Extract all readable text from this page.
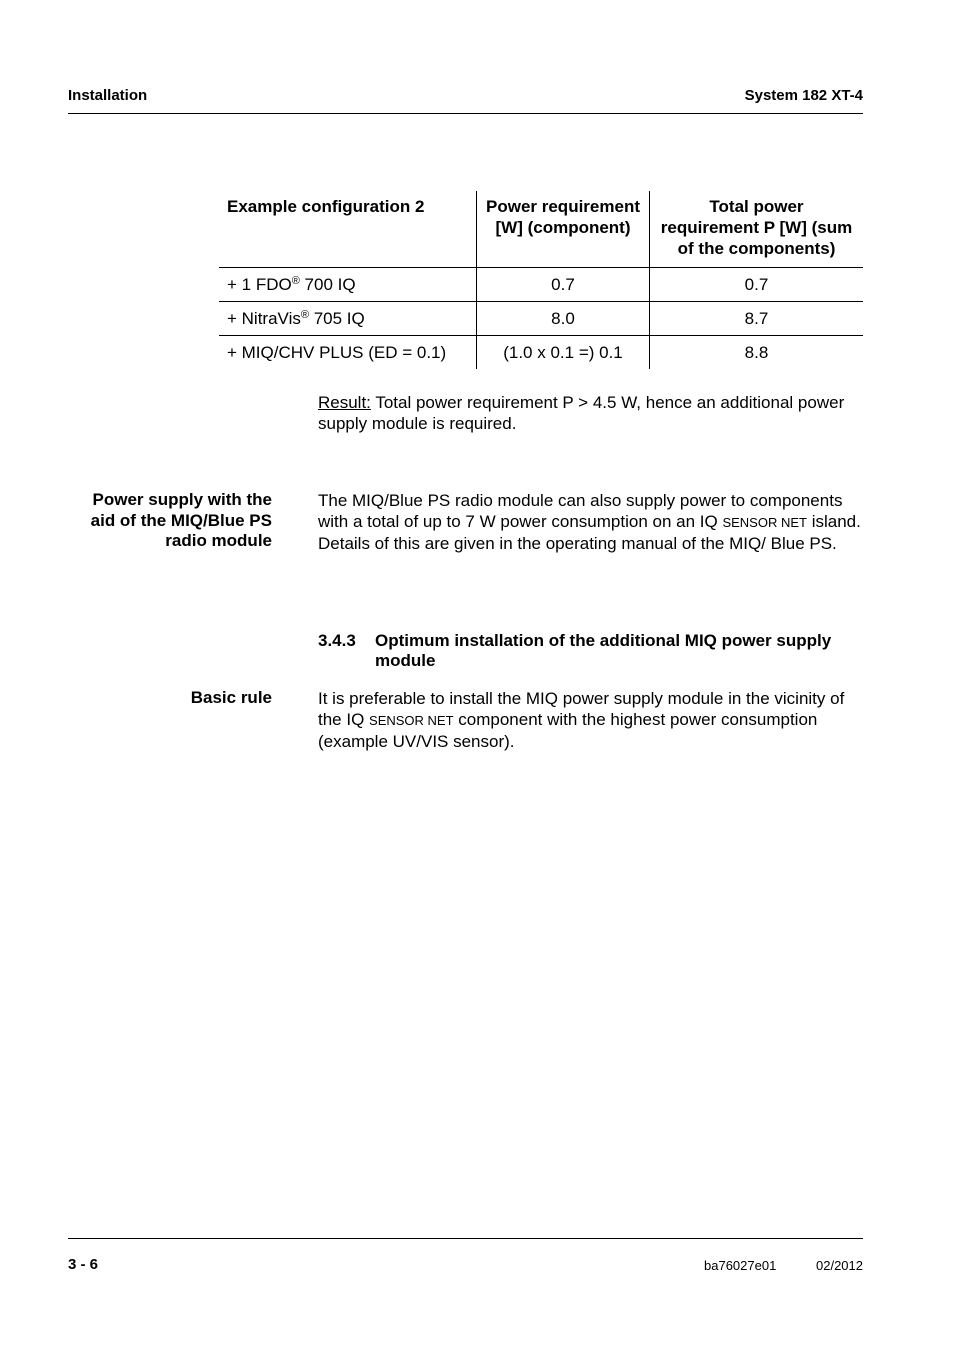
Installation	System 182 XT-4
Example configuration 2	Power requirement [W] (component)	Total power requirement P [W] (sum of the components)
+ 1 FDO® 700 IQ	0.7	0.7
+ NitraVis® 705 IQ	8.0	8.7
+ MIQ/CHV PLUS (ED = 0.1)	(1.0 x 0.1 =) 0.1	8.8
Result: Total power requirement P > 4.5 W, hence an additional power supply module is required.
Power supply with the aid of the MIQ/Blue PS radio module
The MIQ/Blue PS radio module can also supply power to components with a total of up to 7 W power consumption on an IQ SENSOR NET island. Details of this are given in the operating manual of the MIQ/ Blue PS.
3.4.3 Optimum installation of the additional MIQ power supply module
Basic rule	It is preferable to install the MIQ power supply module in the vicinity of the IQ SENSOR NET component with the highest power consumption (example UV/VIS sensor).
3 - 6	ba76027e01	02/2012
